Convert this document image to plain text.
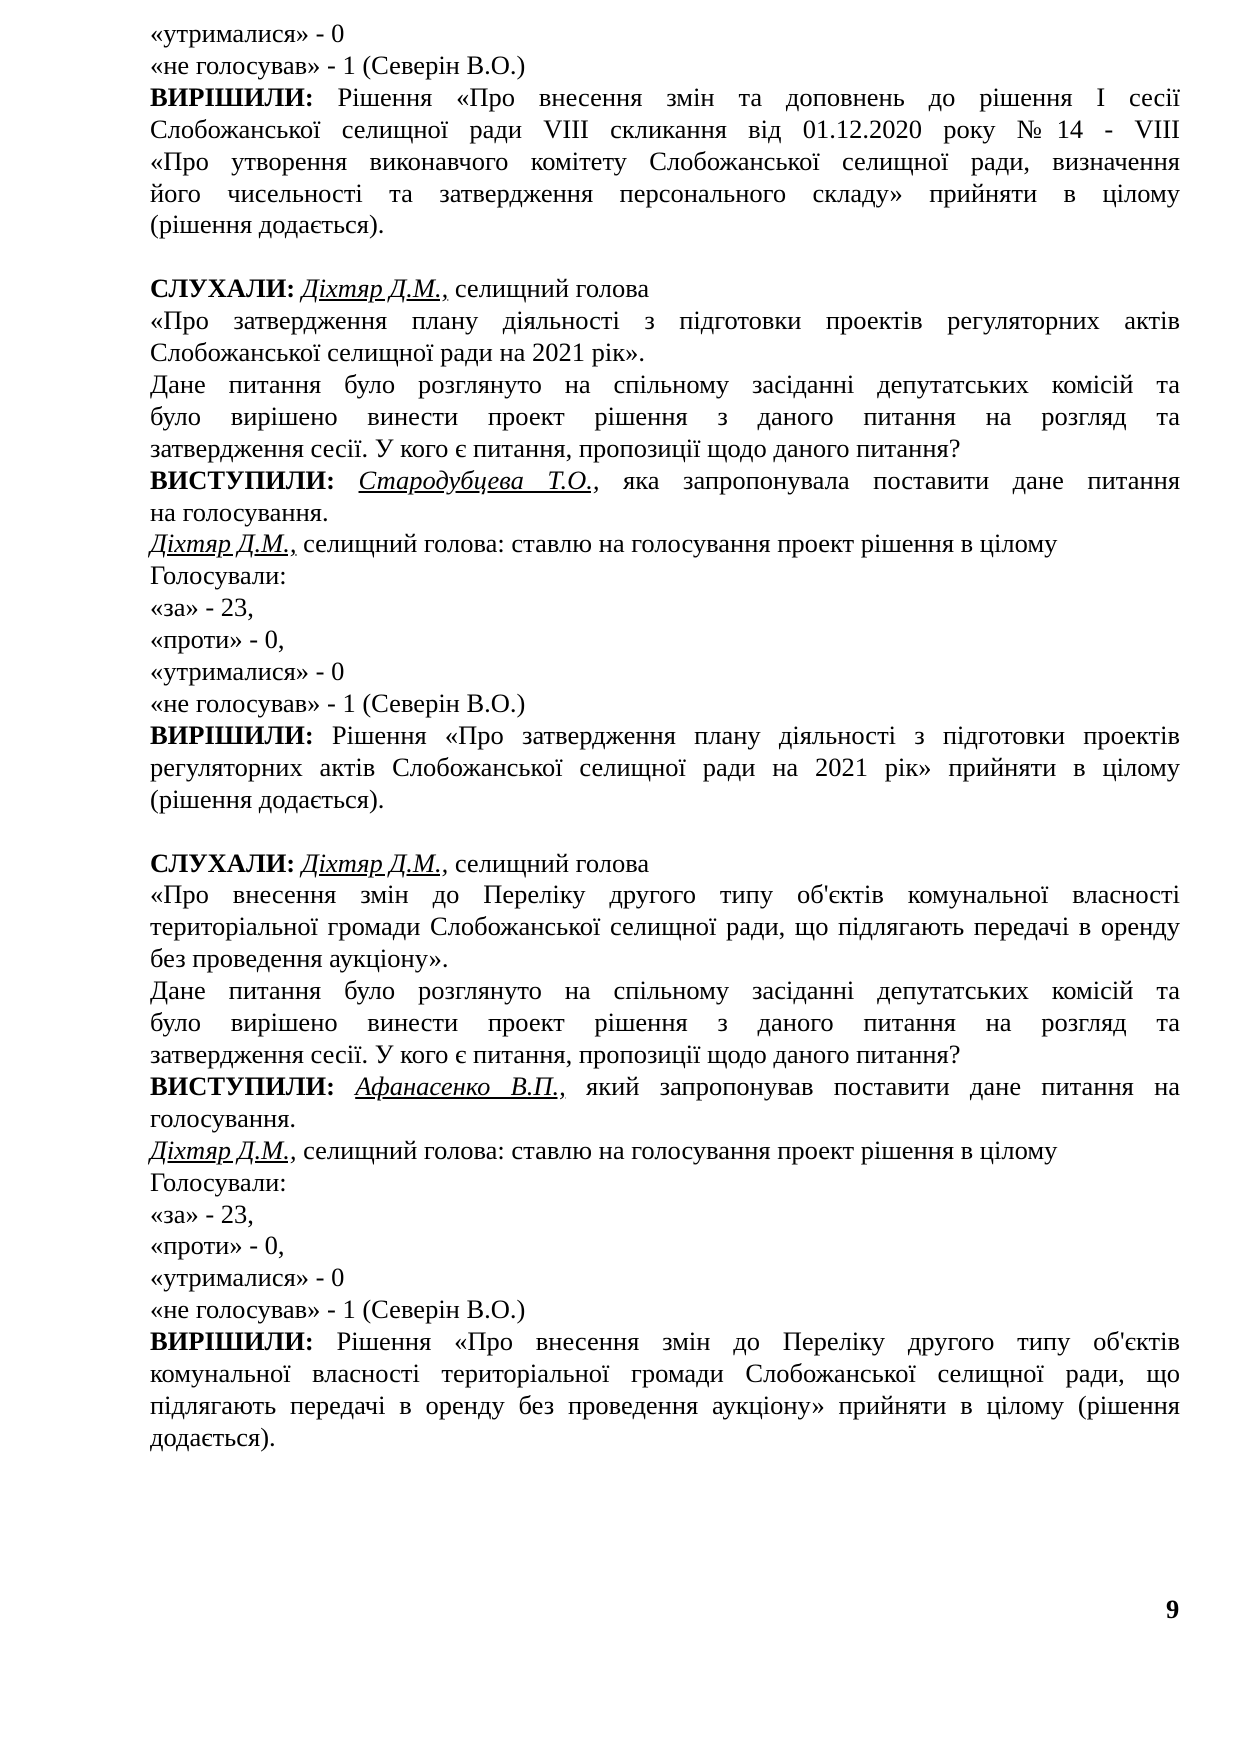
«утрималися» - 0
«не голосував» - 1 (Северін В.О.)
ВИРІШИЛИ: Рішення «Про внесення змін та доповнень до рішення І сесії
Слобожанської селищної ради VIII скликання від 01.12.2020 року №14 - VIII
«Про утворення виконавчого комітету Слобожанської селищної ради, визначення
його чисельності та затвердження персонального складу» прийняти в цілому
(рішення додається).
СЛУХАЛИ: Діхтяр Д.М., селищний голова
«Про затвердження плану діяльності з підготовки проектів регуляторних актів
Слобожанської селищної ради на 2021 рік».
Дане питання було розглянуто на спільному засіданні депутатських комісій та
було вирішено винести проект рішення з даного питання на розгляд та
затвердження сесії. У кого є питання, пропозиції щодо даного питання?
ВИСТУПИЛИ: Стародубцева Т.О., яка запропонувала поставити дане питання
на голосування.
Діхтяр Д.М., селищний голова: ставлю на голосування проект рішення в цілому
Голосували:
«за» - 23,
«проти» - 0,
«утрималися» - 0
«не голосував» - 1 (Северін В.О.)
ВИРІШИЛИ: Рішення «Про затвердження плану діяльності з підготовки проектів
регуляторних актів Слобожанської селищної ради на 2021 рік» прийняти в цілому
(рішення додається).
СЛУХАЛИ: Діхтяр Д.М., селищний голова
«Про внесення змін до Переліку другого типу об'єктів комунальної власності
територіальної громади Слобожанської селищної ради, що підлягають передачі в оренду
без проведення аукціону».
Дане питання було розглянуто на спільному засіданні депутатських комісій та
було вирішено винести проект рішення з даного питання на розгляд та
затвердження сесії. У кого є питання, пропозиції щодо даного питання?
ВИСТУПИЛИ: Афанасенко В.П., який запропонував поставити дане питання на
голосування.
Діхтяр Д.М., селищний голова: ставлю на голосування проект рішення в цілому
Голосували:
«за» - 23,
«проти» - 0,
«утрималися» - 0
«не голосував» - 1 (Северін В.О.)
ВИРІШИЛИ: Рішення «Про внесення змін до Переліку другого типу об'єктів
комунальної власності територіальної громади Слобожанської селищної ради, що
підлягають передачі в оренду без проведення аукціону» прийняти в цілому (рішення
додається).
9
